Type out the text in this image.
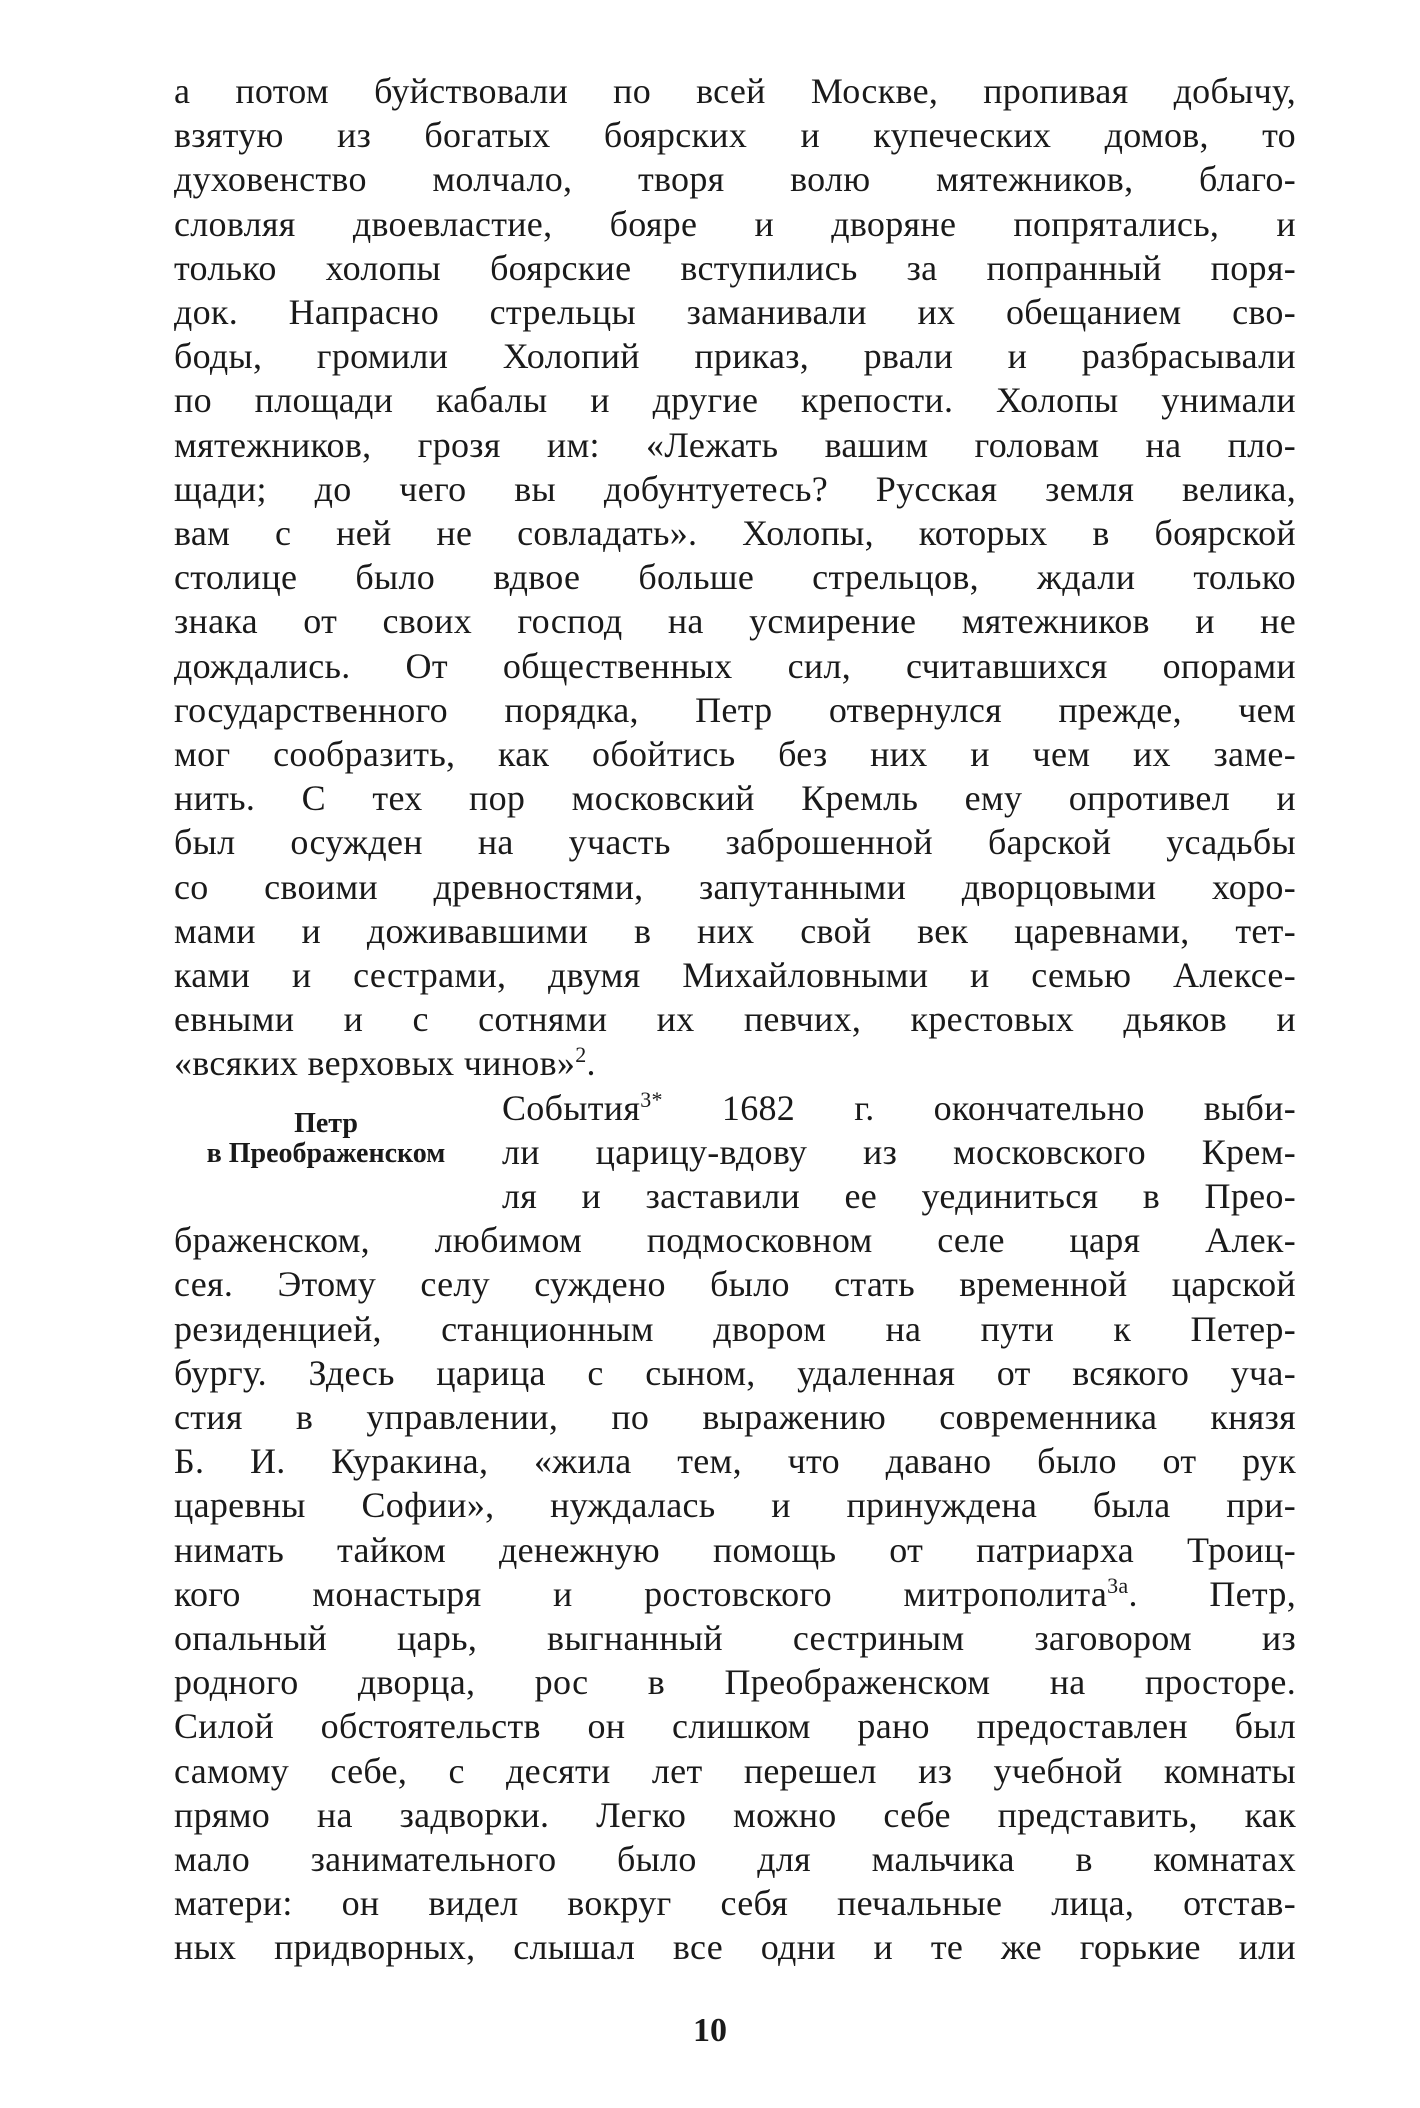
а потом буйствовали по всей Москве, пропивая добычу,
взятую из богатых боярских и купеческих домов, то
духовенство молчало, творя волю мятежников, благо-
словляя двоевластие, бояре и дворяне попрятались, и
только холопы боярские вступились за попранный поря-
док. Напрасно стрельцы заманивали их обещанием сво-
боды, громили Холопий приказ, рвали и разбрасывали
по площади кабалы и другие крепости. Холопы унимали
мятежников, грозя им: «Лежать вашим головам на пло-
щади; до чего вы добунтуетесь? Русская земля велика,
вам с ней не совладать». Холопы, которых в боярской
столице было вдвое больше стрельцов, ждали только
знака от своих господ на усмирение мятежников и не
дождались. От общественных сил, считавшихся опорами
государственного порядка, Петр отвернулся прежде, чем
мог сообразить, как обойтись без них и чем их заме-
нить. С тех пор московский Кремль ему опротивел и
был осужден на участь заброшенной барской усадьбы
со своими древностями, запутанными дворцовыми хоро-
мами и доживавшими в них свой век царевнами, тет-
ками и сестрами, двумя Михайловными и семью Алексе-
евными и с сотнями их певчих, крестовых дьяков и
«всяких верховых чинов»$^2$.
Петр
в Преображенском
События$^{3*}$ 1682 г. окончательно выби-
ли царицу-вдову из московского Крем-
ля и заставили ее уединиться в Прео-
браженском, любимом подмосковном селе царя Алек-
сея. Этому селу суждено было стать временной царской
резиденцией, станционным двором на пути к Петер-
бургу. Здесь царица с сыном, удаленная от всякого уча-
стия в управлении, по выражению современника князя
Б. И. Куракина, «жила тем, что давано было от рук
царевны Софии», нуждалась и принуждена была при-
нимать тайком денежную помощь от патриарха Троиц-
кого монастыря и ростовского митрополита$^{3a}$. Петр,
опальный царь, выгнанный сестриным заговором из
родного дворца, рос в Преображенском на просторе.
Силой обстоятельств он слишком рано предоставлен был
самому себе, с десяти лет перешел из учебной комнаты
прямо на задворки. Легко можно себе представить, как
мало занимательного было для мальчика в комнатах
матери: он видел вокруг себя печальные лица, отстав-
ных придворных, слышал все одни и те же горькие или
10
